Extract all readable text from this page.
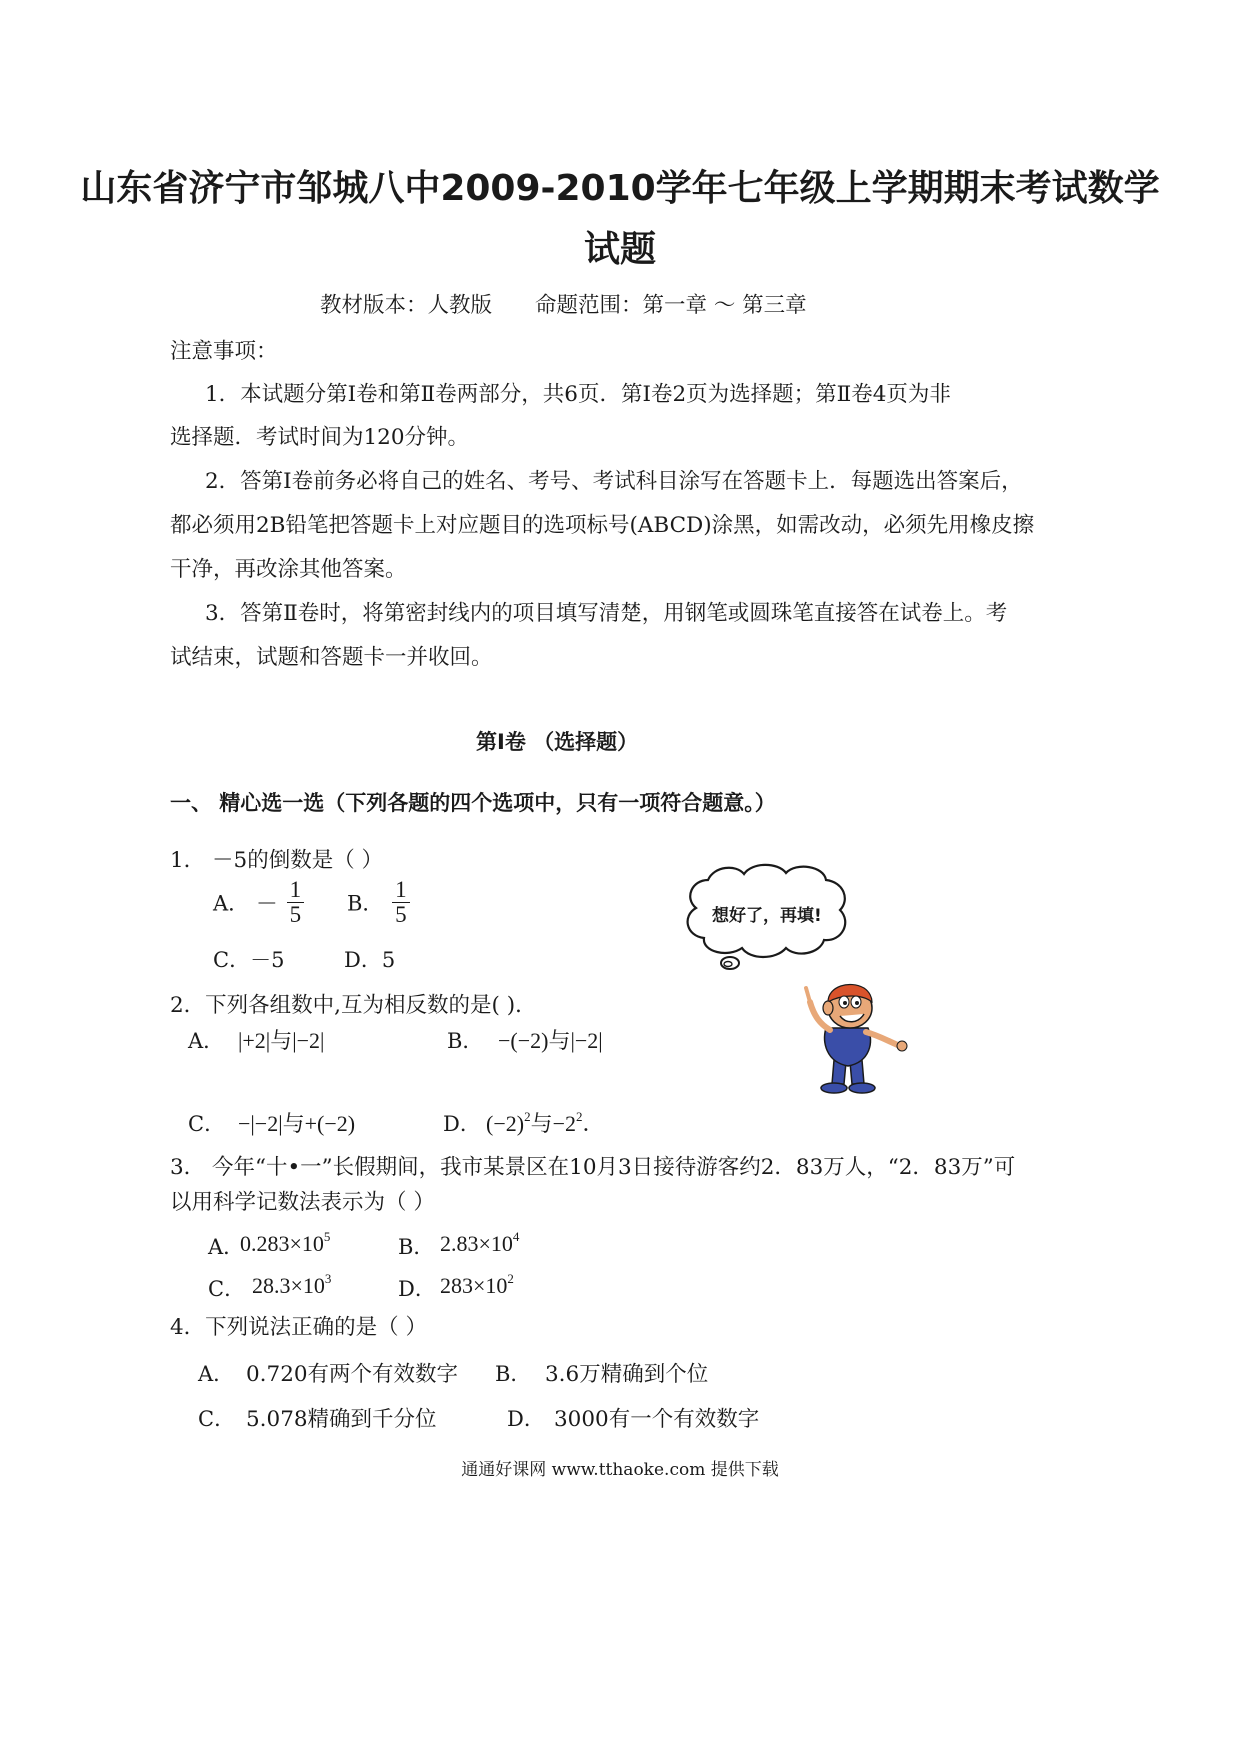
山东省济宁市邹城八中2009-2010学年七年级上学期期末考试数学
试题
教材版本：人教版 命题范围：第一章 ～ 第三章
注意事项：
1．本试题分第Ⅰ卷和第Ⅱ卷两部分，共6页．第Ⅰ卷2页为选择题；第Ⅱ卷4页为非
选择题．考试时间为120分钟。
2．答第Ⅰ卷前务必将自己的姓名、考号、考试科目涂写在答题卡上．每题选出答案后，
都必须用2B铅笔把答题卡上对应题目的选项标号(ABCD)涂黑，如需改动，必须先用橡皮擦
干净，再改涂其他答案。
3．答第Ⅱ卷时，将第密封线内的项目填写清楚，用钢笔或圆珠笔直接答在试卷上。考
试结束，试题和答题卡一并收回。
第Ⅰ卷 （选择题）
一、 精心选一选（下列各题的四个选项中，只有一项符合题意。）
1． －5的倒数是（ ）
A． － $\frac{1}{5}$ B． $\frac{1}{5}$
C．－5	D．5
想好了，再填!
2．下列各组数中,互为相反数的是( )．
A． |+2|与|−2|	B． −(−2)与|−2|
C． −|−2|与+(−2)	D． $(-2)^2$与$-2^2$．
3． 今年“十•一”长假期间，我市某景区在10月3日接待游客约2．83万人，“2．83万”可
以用科学记数法表示为（ ）
A．
$0.283\times 10^5$	B． $2.83\times 10^4$
C． $28.3\times 10^3$	D． $283\times 10^2$
4．下列说法正确的是（ ）
A． 0.720有两个有效数字 B． 3.6万精确到个位
C． 5.078精确到千分位	D． 3000有一个有效数字
通通好课网 www.tthaoke.com 提供下载
